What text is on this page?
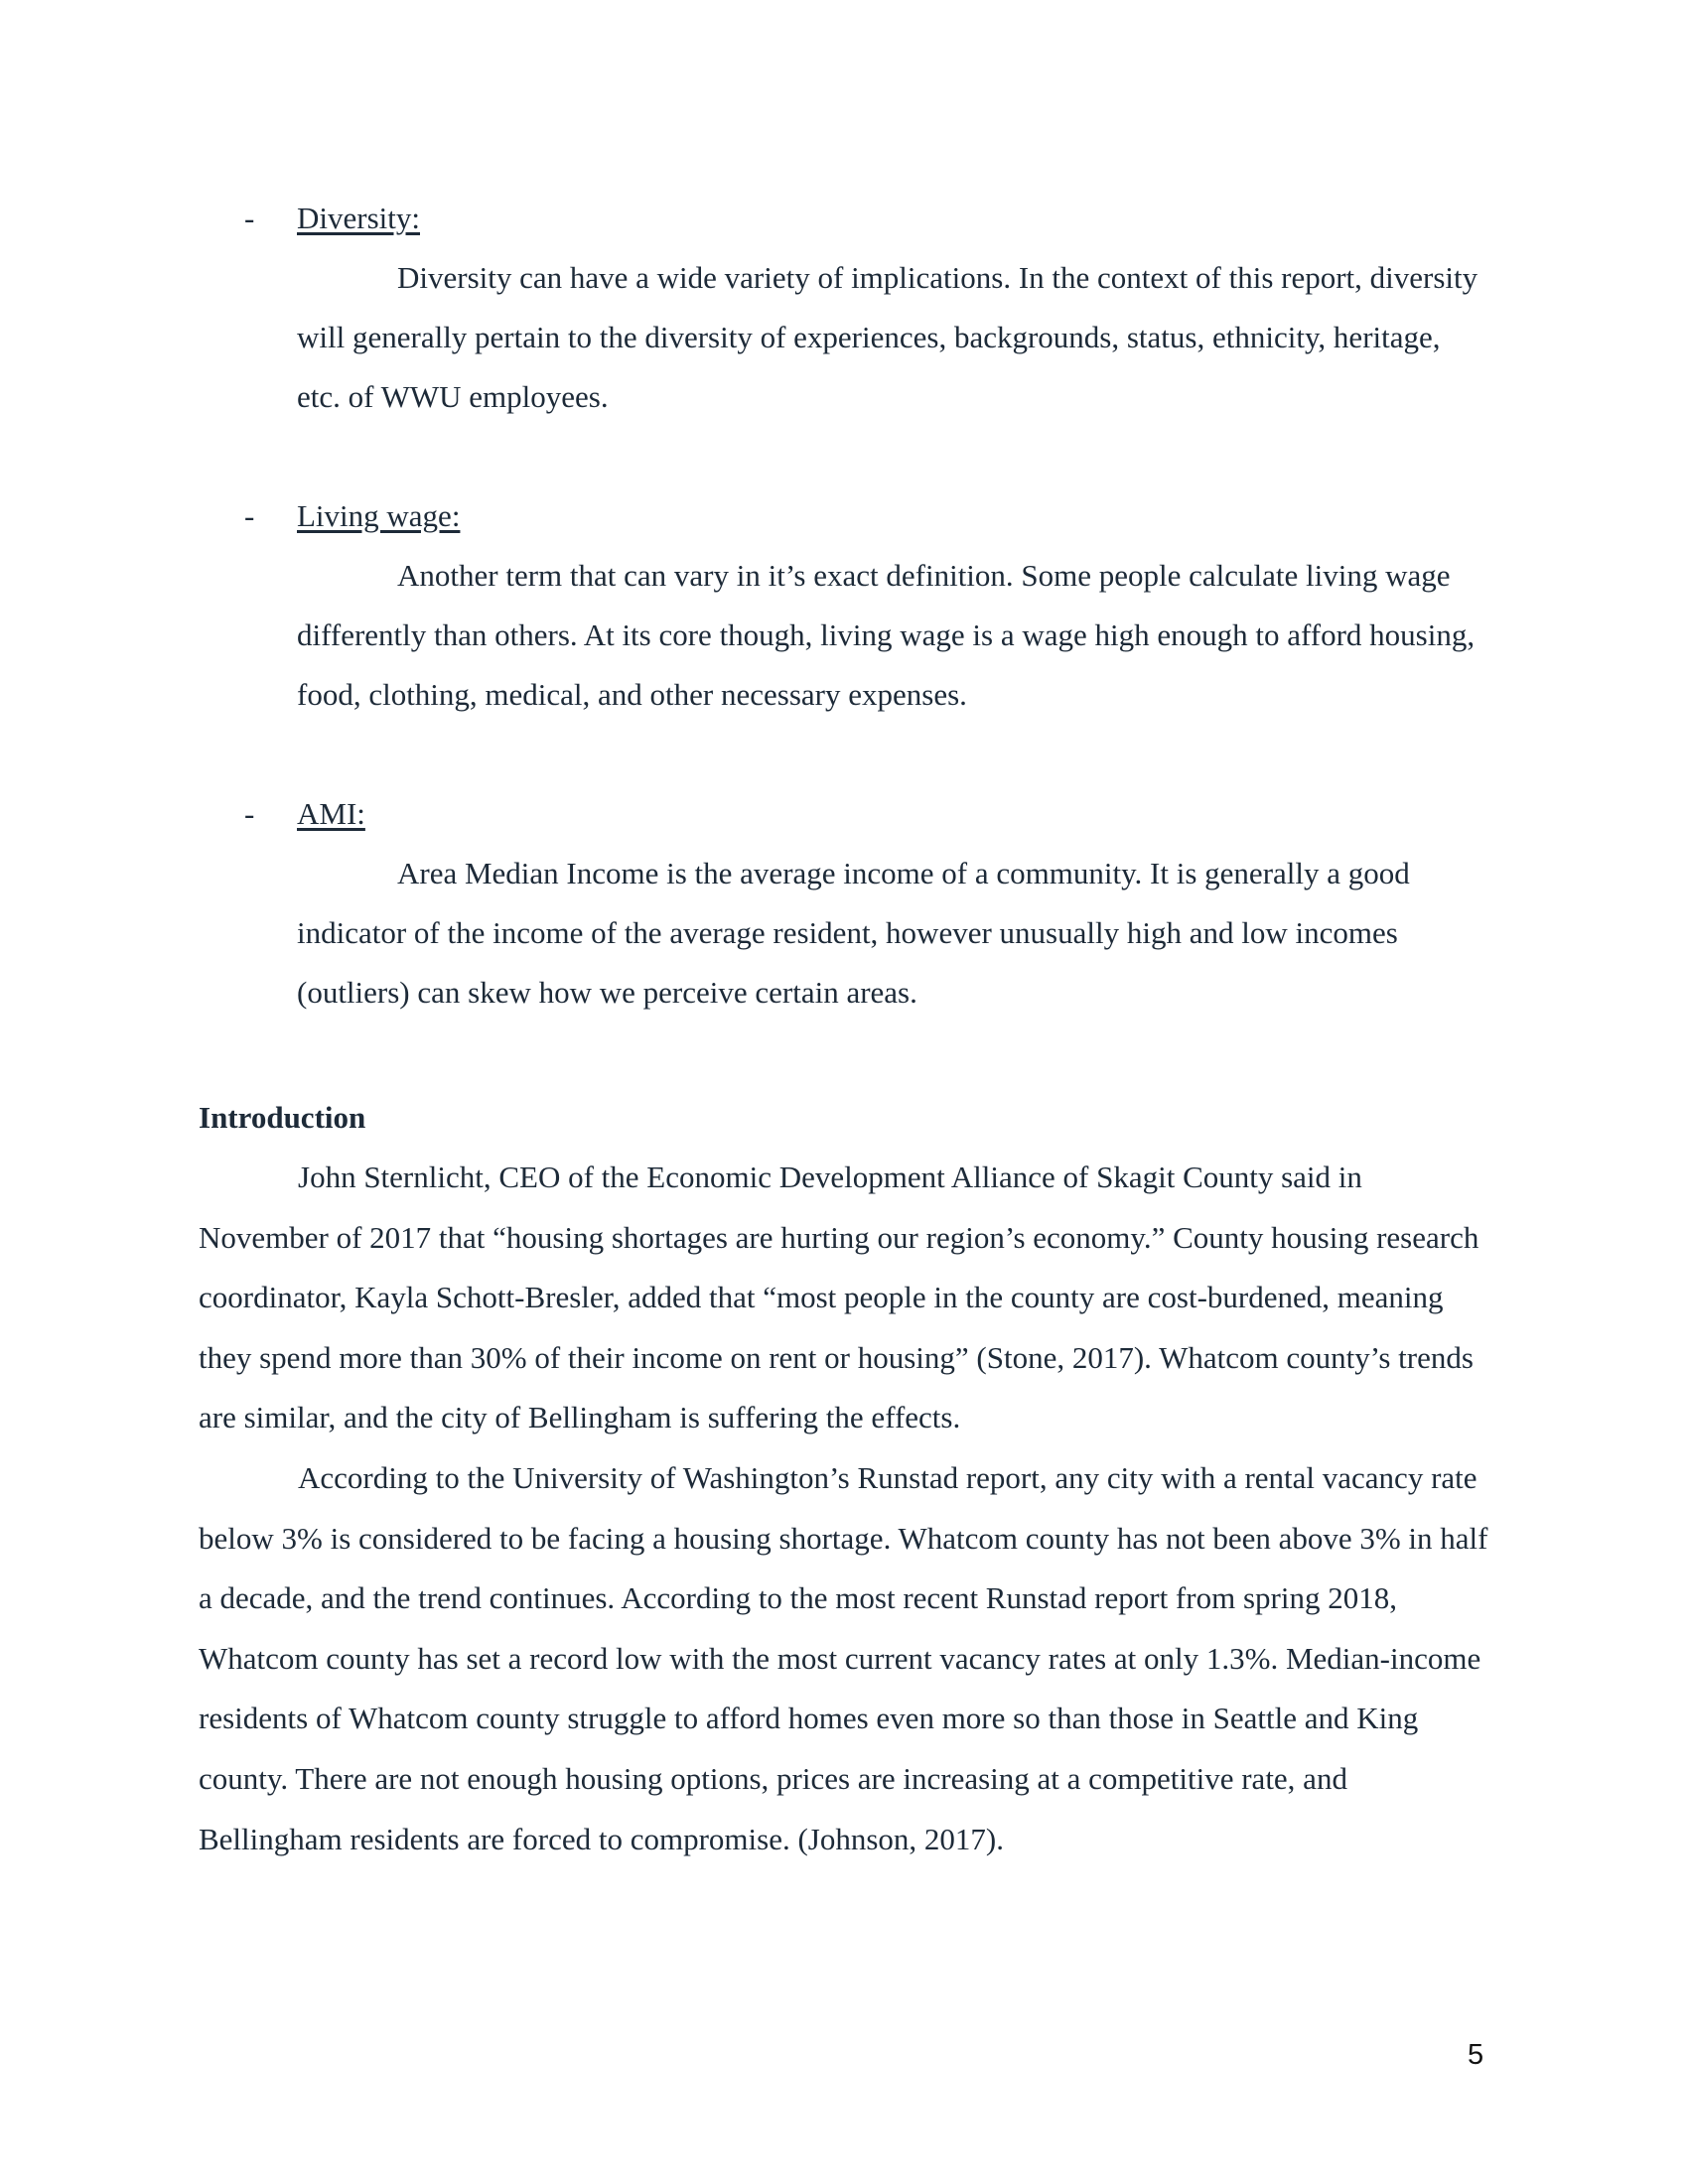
- Diversity:

Diversity can have a wide variety of implications. In the context of this report, diversity will generally pertain to the diversity of experiences, backgrounds, status, ethnicity, heritage, etc. of WWU employees.

- Living wage:

Another term that can vary in it’s exact definition. Some people calculate living wage differently than others. At its core though, living wage is a wage high enough to afford housing, food, clothing, medical, and other necessary expenses.

- AMI:

Area Median Income is the average income of a community. It is generally a good indicator of the income of the average resident, however unusually high and low incomes (outliers) can skew how we perceive certain areas.

Introduction

John Sternlicht, CEO of the Economic Development Alliance of Skagit County said in November of 2017 that “housing shortages are hurting our region’s economy.” County housing research coordinator, Kayla Schott-Bresler, added that “most people in the county are cost-burdened, meaning they spend more than 30% of their income on rent or housing” (Stone, 2017). Whatcom county’s trends are similar, and the city of Bellingham is suffering the effects.

According to the University of Washington’s Runstad report, any city with a rental vacancy rate below 3% is considered to be facing a housing shortage. Whatcom county has not been above 3% in half a decade, and the trend continues. According to the most recent Runstad report from spring 2018, Whatcom county has set a record low with the most current vacancy rates at only 1.3%. Median-income residents of Whatcom county struggle to afford homes even more so than those in Seattle and King county. There are not enough housing options, prices are increasing at a competitive rate, and Bellingham residents are forced to compromise. (Johnson, 2017).

5
